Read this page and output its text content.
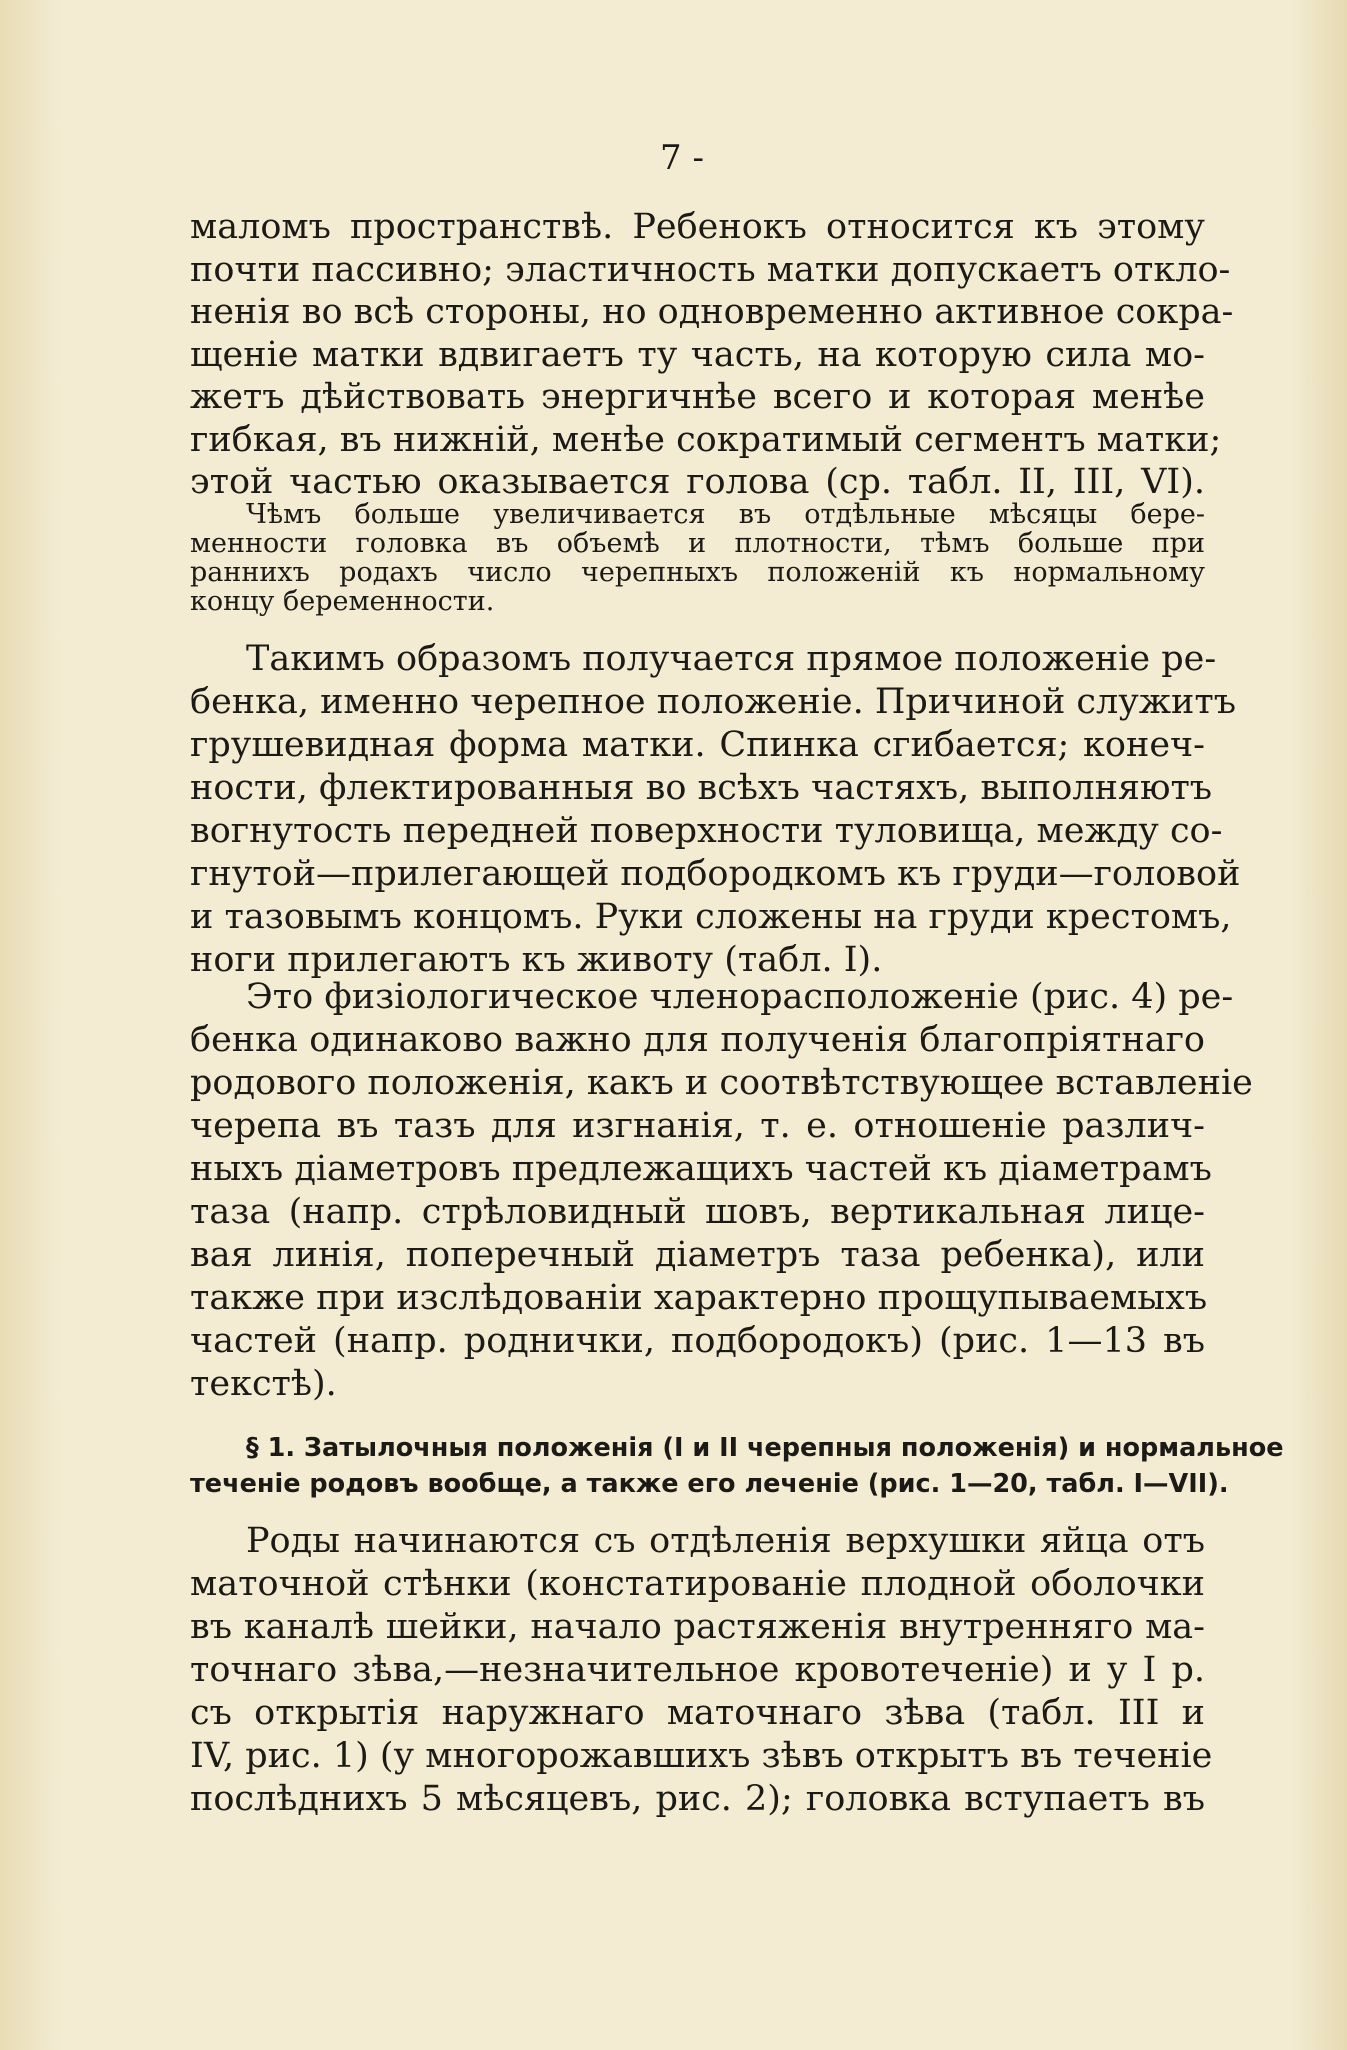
7 -
маломъ пространствѣ. Ребенокъ относится къ этому
почти пассивно; эластичность матки допускаетъ откло-
ненія во всѣ стороны, но одновременно активное сокра-
щеніе матки вдвигаетъ ту часть, на которую сила мо-
жетъ дѣйствовать энергичнѣе всего и которая менѣе
гибкая, въ нижній, менѣе сократимый сегментъ матки;
этой частью оказывается голова (ср. табл. II, III, VI).
Чѣмъ больше увеличивается въ отдѣльные мѣсяцы бере-
менности головка въ объемѣ и плотности, тѣмъ больше при
раннихъ родахъ число черепныхъ положеній къ нормальному
концу беременности.
Такимъ образомъ получается прямое положеніе ре-
бенка, именно черепное положеніе. Причиной служитъ
грушевидная форма матки. Спинка сгибается; конеч-
ности, флектированныя во всѣхъ частяхъ, выполняютъ
вогнутость передней поверхности туловища, между со-
гнутой—прилегающей подбородкомъ къ груди—головой
и тазовымъ концомъ. Руки сложены на груди крестомъ,
ноги прилегаютъ къ животу (табл. I).
Это физіологическое членорасположеніе (рис. 4) ре-
бенка одинаково важно для полученія благопріятнаго
родового положенія, какъ и соотвѣтствующее вставленіе
черепа въ тазъ для изгнанія, т. е. отношеніе различ-
ныхъ діаметровъ предлежащихъ частей къ діаметрамъ
таза (напр. стрѣловидный шовъ, вертикальная лице-
вая линія, поперечный діаметръ таза ребенка), или
также при изслѣдованіи характерно прощупываемыхъ
частей (напр. роднички, подбородокъ) (рис. 1—13 въ
текстѣ).
§ 1. Затылочныя положенія (I и II черепныя положенія) и нормальное
теченіе родовъ вообще, а также его леченіе (рис. 1—20, табл. I—VII).
Роды начинаются съ отдѣленія верхушки яйца отъ
маточной стѣнки (констатированіе плодной оболочки
въ каналѣ шейки, начало растяженія внутренняго ма-
точнаго зѣва,—незначительное кровотеченіе) и у I р.
съ открытія наружнаго маточнаго зѣва (табл. III и
IV, рис. 1) (у многорожавшихъ зѣвъ открытъ въ теченіе
послѣднихъ 5 мѣсяцевъ, рис. 2); головка вступаетъ въ
